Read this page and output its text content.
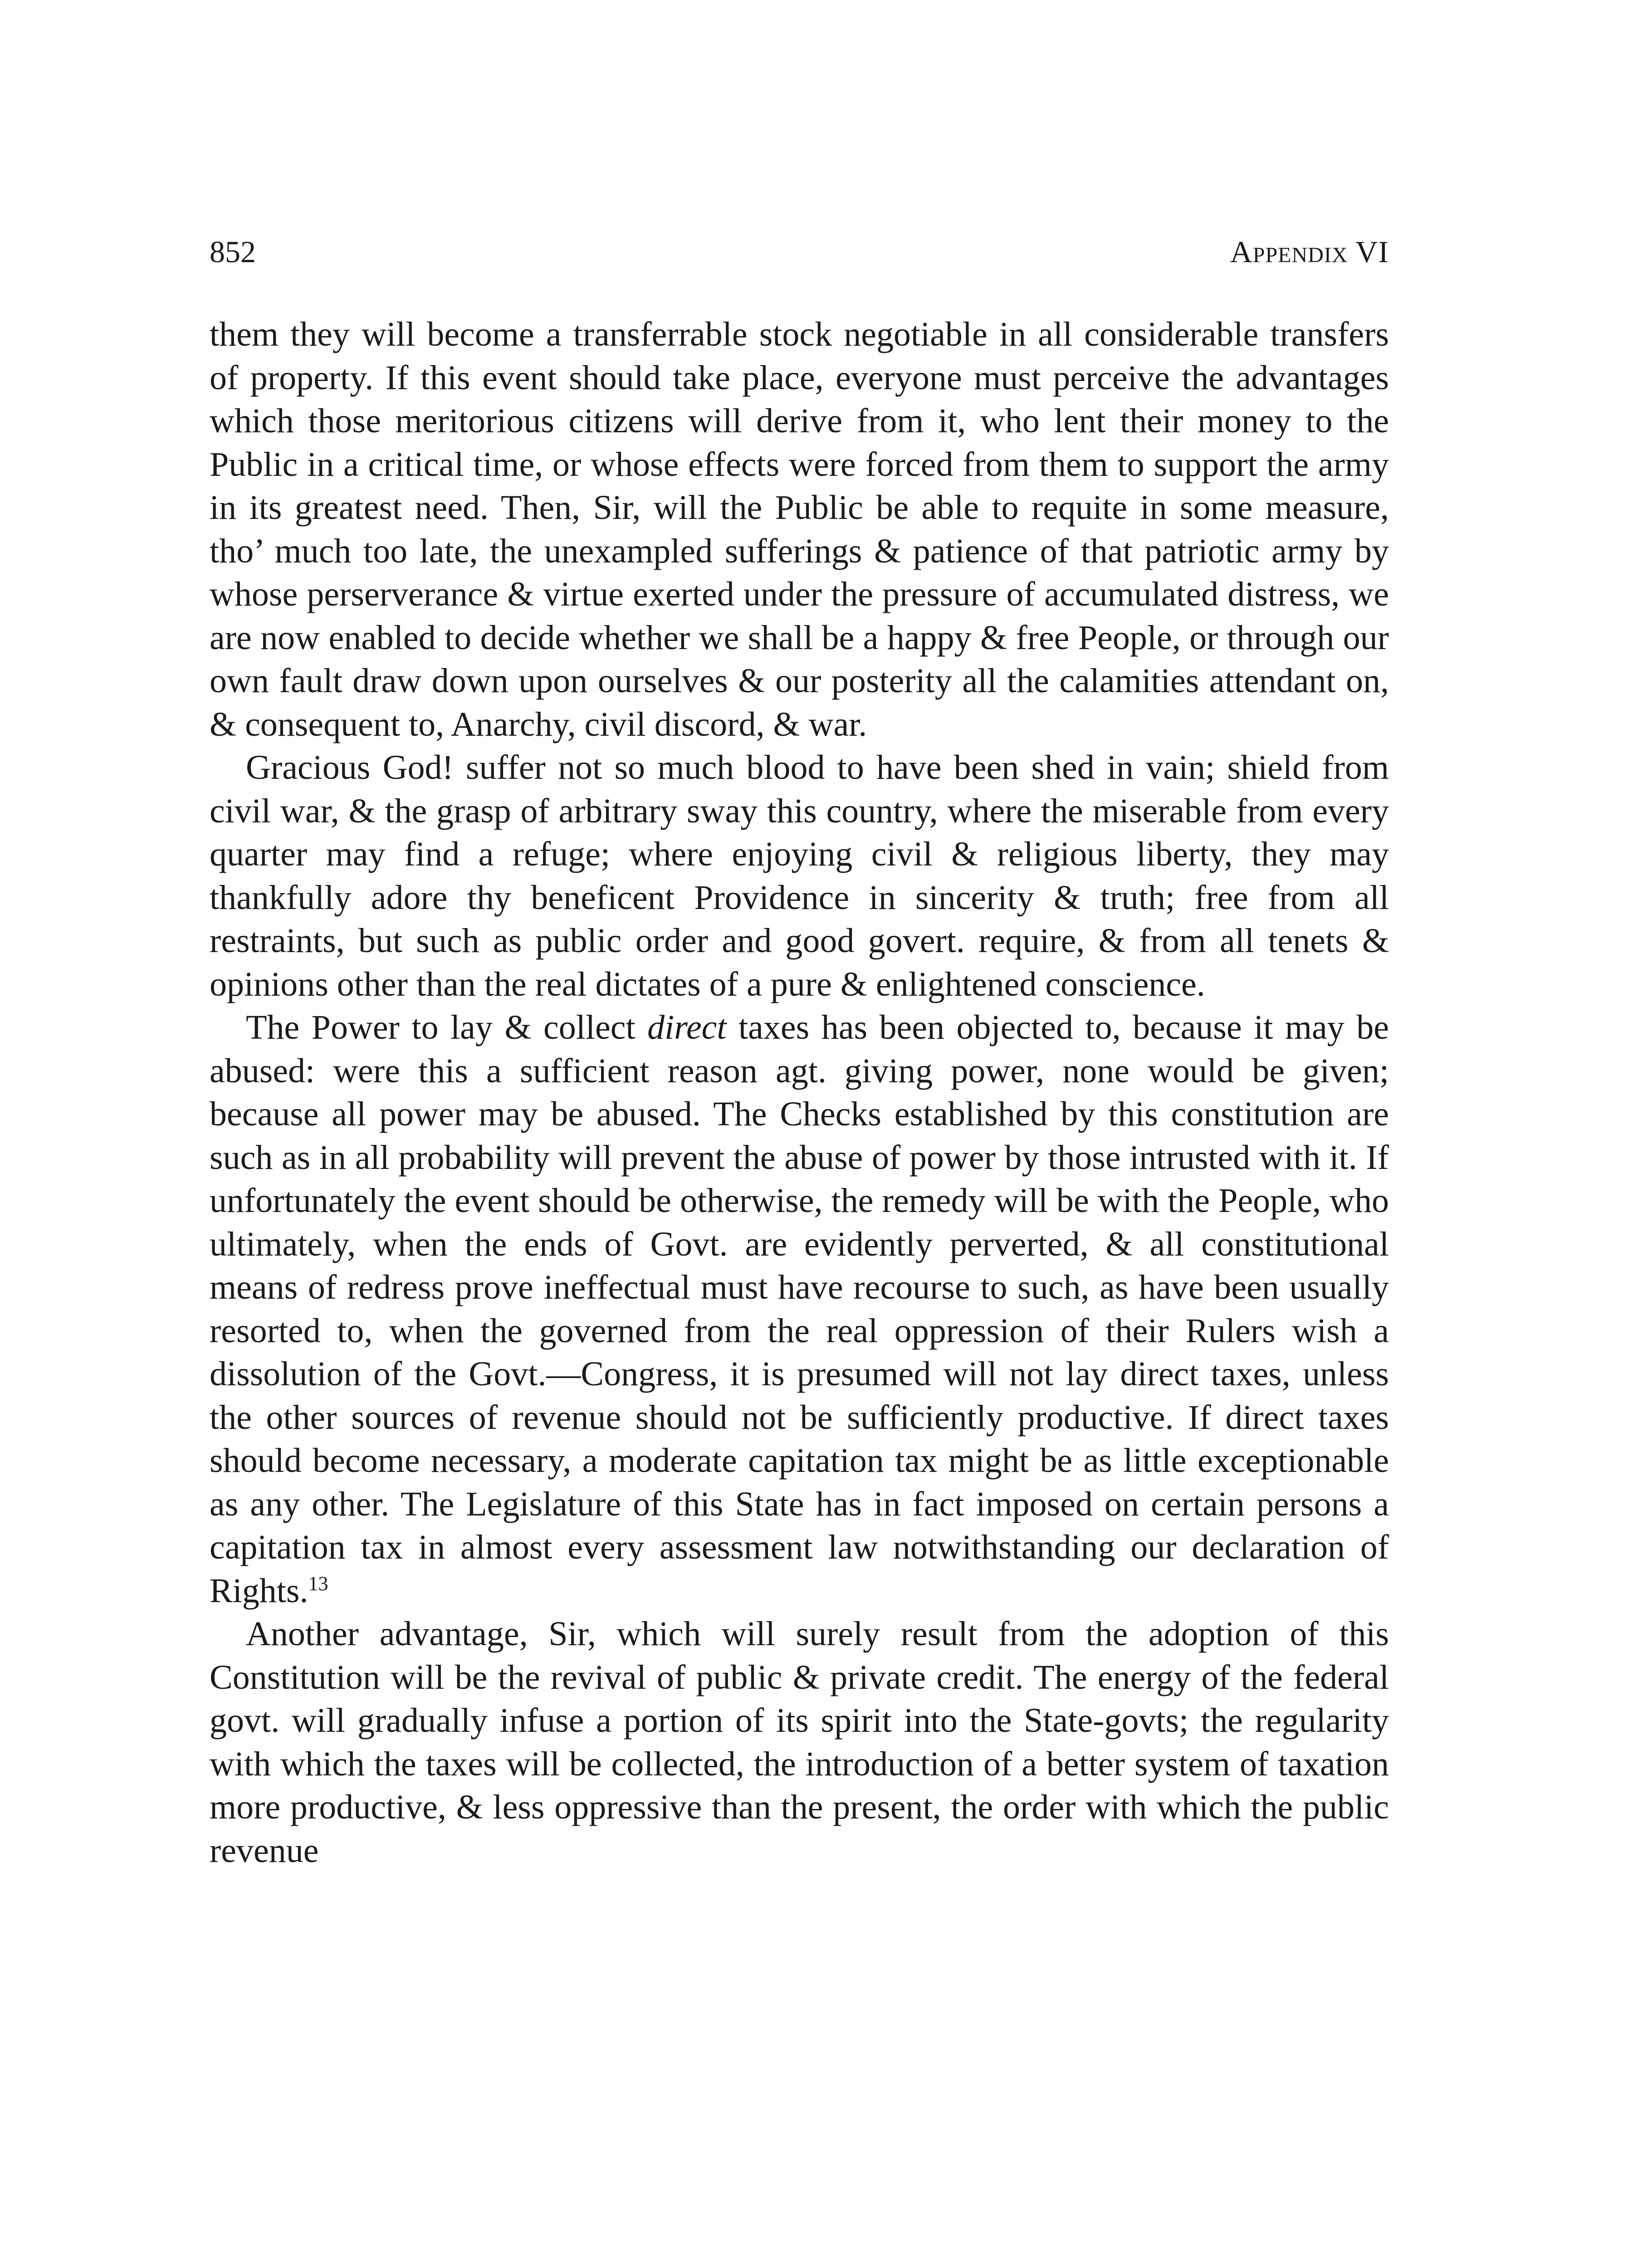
852	Appendix VI

them they will become a transferrable stock negotiable in all considerable transfers of property. If this event should take place, everyone must perceive the advantages which those meritorious citizens will derive from it, who lent their money to the Public in a critical time, or whose effects were forced from them to support the army in its greatest need. Then, Sir, will the Public be able to requite in some measure, tho’ much too late, the unexampled sufferings & patience of that patriotic army by whose perserverance & virtue exerted under the pressure of accumulated distress, we are now enabled to decide whether we shall be a happy & free People, or through our own fault draw down upon ourselves & our posterity all the calamities attendant on, & consequent to, Anarchy, civil discord, & war.

Gracious God! suffer not so much blood to have been shed in vain; shield from civil war, & the grasp of arbitrary sway this country, where the miserable from every quarter may find a refuge; where enjoying civil & religious liberty, they may thankfully adore thy beneficent Providence in sincerity & truth; free from all restraints, but such as public order and good govert. require, & from all tenets & opinions other than the real dictates of a pure & enlightened conscience.

The Power to lay & collect direct taxes has been objected to, because it may be abused: were this a sufficient reason agt. giving power, none would be given; because all power may be abused. The Checks established by this constitution are such as in all probability will prevent the abuse of power by those intrusted with it. If unfortunately the event should be otherwise, the remedy will be with the People, who ultimately, when the ends of Govt. are evidently perverted, & all constitutional means of redress prove ineffectual must have recourse to such, as have been usually resorted to, when the governed from the real oppression of their Rulers wish a dissolution of the Govt.—Congress, it is presumed will not lay direct taxes, unless the other sources of revenue should not be sufficiently productive. If direct taxes should become necessary, a moderate capitation tax might be as little exceptionable as any other. The Legislature of this State has in fact imposed on certain persons a capitation tax in almost every assessment law notwithstanding our declaration of Rights.$^{13}$

Another advantage, Sir, which will surely result from the adoption of this Constitution will be the revival of public & private credit. The energy of the federal govt. will gradually infuse a portion of its spirit into the State-govts; the regularity with which the taxes will be collected, the introduction of a better system of taxation more productive, & less oppressive than the present, the order with which the public revenue
